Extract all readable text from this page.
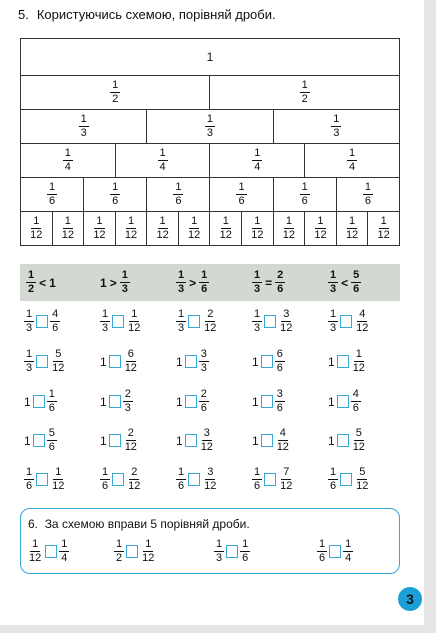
5. Користуючись схемою, порівняй дроби.
1											

$\frac{1}{2}$						$\frac{1}{2}$

$\frac{1}{3}$				$\frac{1}{3}$				$\frac{1}{3}$

$\frac{1}{4}$			$\frac{1}{4}$			$\frac{1}{4}$			$\frac{1}{4}$

$\frac{1}{6}$		$\frac{1}{6}$		$\frac{1}{6}$		$\frac{1}{6}$		$\frac{1}{6}$		$\frac{1}{6}$

$\frac{1}{12}$	$\frac{1}{12}$	$\frac{1}{12}$	$\frac{1}{12}$	$\frac{1}{12}$	$\frac{1}{12}$	$\frac{1}{12}$	$\frac{1}{12}$	$\frac{1}{12}$	$\frac{1}{12}$	$\frac{1}{12}$	$\frac{1}{12}$
$\frac{1}{2} < 1$	$1 > \frac{1}{3}$	$\frac{1}{3} > \frac{1}{6}$	$\frac{1}{3} = \frac{2}{6}$	$\frac{1}{3} < \frac{5}{6}$
$\frac{1}{3} \frac{4}{6}$	$\frac{1}{3} \frac{1}{12}$	$\frac{1}{3} \frac{2}{12}$	$\frac{1}{3} \frac{3}{12}$	$\frac{1}{3} \frac{4}{12}$
$\frac{1}{3} \frac{5}{12}$	$1 \frac{6}{12}$	$1 \frac{3}{3}$	$1 \frac{6}{6}$	$1 \frac{1}{12}$
$1 \frac{1}{6}$	$1 \frac{2}{3}$	$1 \frac{2}{6}$	$1 \frac{3}{6}$	$1 \frac{4}{6}$
$1 \frac{5}{6}$	$1 \frac{2}{12}$	$1 \frac{3}{12}$	$1 \frac{4}{12}$	$1 \frac{5}{12}$
$\frac{1}{6} \frac{1}{12}$	$\frac{1}{6} \frac{2}{12}$	$\frac{1}{6} \frac{3}{12}$	$\frac{1}{6} \frac{7}{12}$	$\frac{1}{6} \frac{5}{12}$
6. За схемою вправи 5 порівняй дроби.
$\frac{1}{12} \frac{1}{4}$	$\frac{1}{2} \frac{1}{12}$	$\frac{1}{3} \frac{1}{6}$	$\frac{1}{6} \frac{1}{4}$
3
